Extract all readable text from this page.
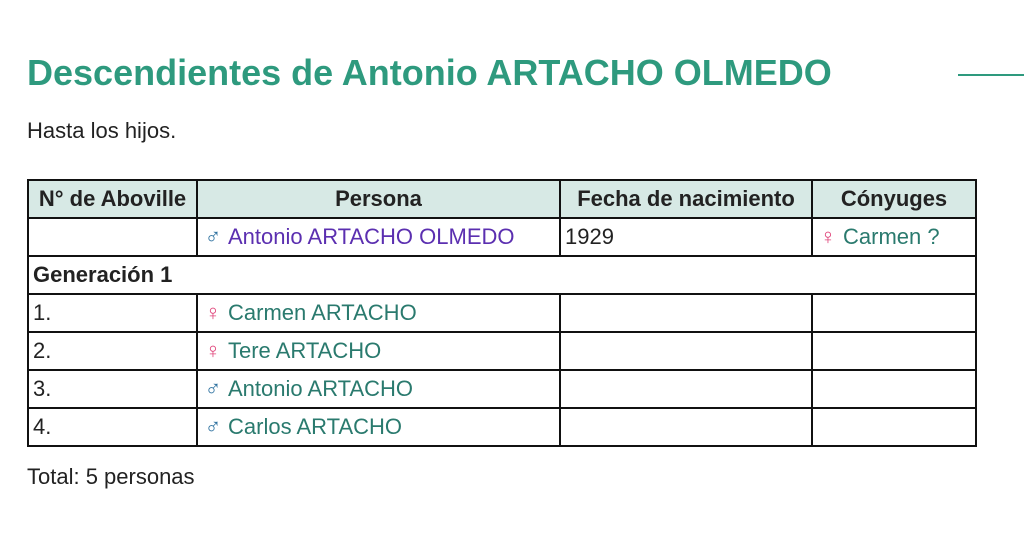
Descendientes de Antonio ARTACHO OLMEDO
Hasta los hijos.
N° de Aboville	Persona	Fecha de nacimiento	Cónyuges
	♂ Antonio ARTACHO OLMEDO	1929	♀ Carmen ?
Generación 1			
1.	♀ Carmen ARTACHO		
2.	♀ Tere ARTACHO		
3.	♂ Antonio ARTACHO		
4.	♂ Carlos ARTACHO		
Total: 5 personas
